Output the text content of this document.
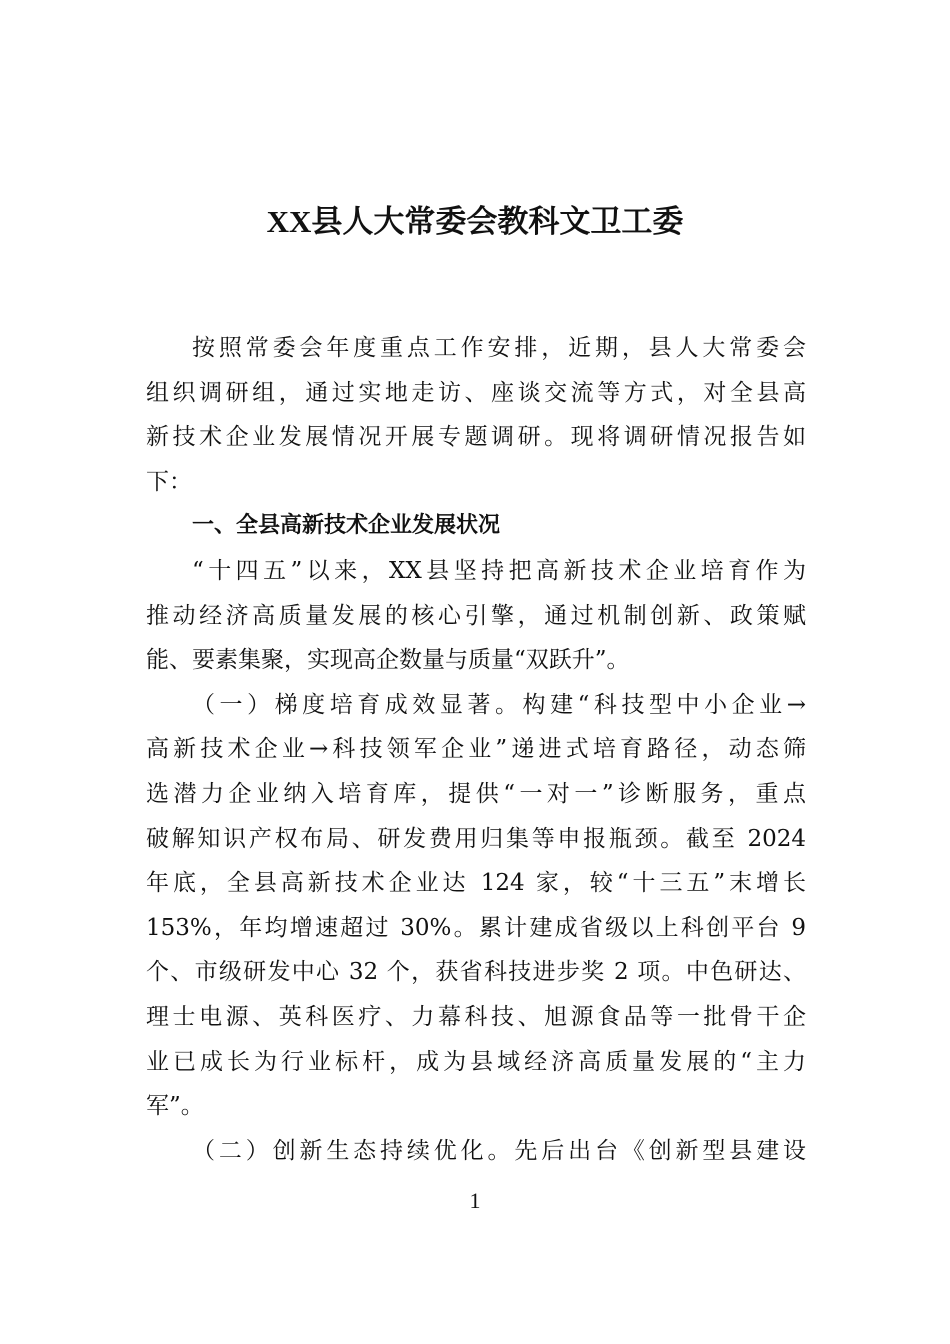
XX县人大常委会教科文卫工委
按照常委会年度重点工作安排，近期，县人大常委会
组织调研组，通过实地走访、座谈交流等方式，对全县高
新技术企业发展情况开展专题调研。现将调研情况报告如
下：
一、全县高新技术企业发展状况
“十四五”以来，XX县坚持把高新技术企业培育作为
推动经济高质量发展的核心引擎，通过机制创新、政策赋
能、要素集聚，实现高企数量与质量“双跃升”。
（一）梯度培育成效显著。构建“科技型中小企业→
高新技术企业→科技领军企业”递进式培育路径，动态筛
选潜力企业纳入培育库，提供“一对一”诊断服务，重点
破解知识产权布局、研发费用归集等申报瓶颈。截至 2024
年底，全县高新技术企业达 124 家，较“十三五”末增长
153%，年均增速超过 30%。累计建成省级以上科创平台 9
个、市级研发中心 32 个，获省科技进步奖 2 项。中色研达、
理士电源、英科医疗、力幕科技、旭源食品等一批骨干企
业已成长为行业标杆，成为县域经济高质量发展的“主力
军”。
（二）创新生态持续优化。先后出台《创新型县建设
1
